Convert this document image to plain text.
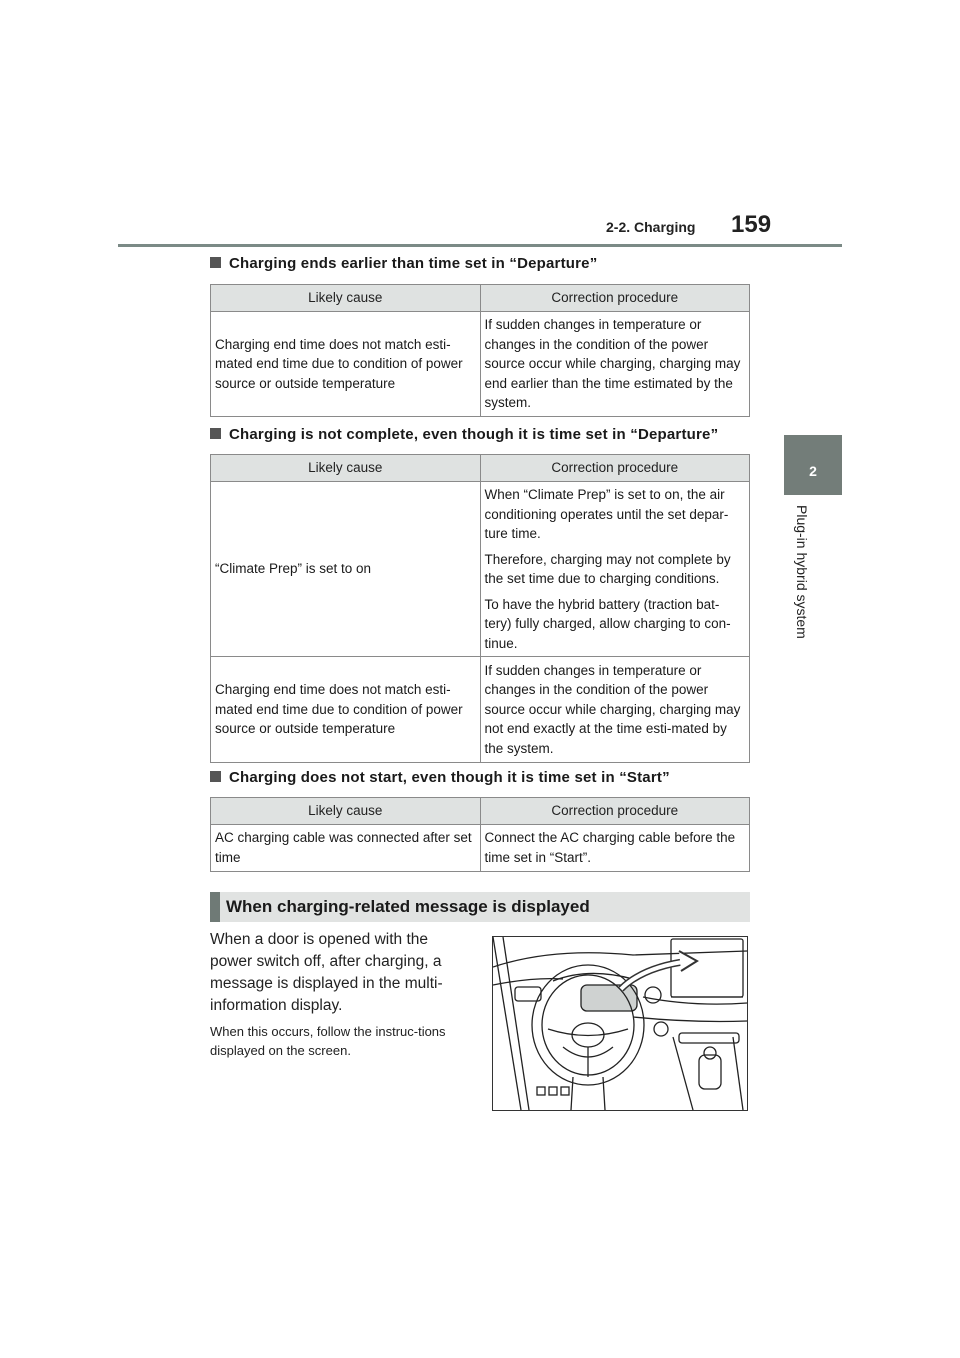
2-2. Charging 159
2
Plug-in hybrid system
Charging ends earlier than time set in “Departure”
Likely cause	Correction procedure
Charging end time does not match esti-mated end time due to condition of power source or outside temperature	If sudden changes in temperature or changes in the condition of the power source occur while charging, charging may end earlier than the time estimated by the system.

Charging is not complete, even though it is time set in “Departure”
Likely cause	Correction procedure
“Climate Prep” is set to on	When “Climate Prep” is set to on, the air conditioning operates until the set depar-ture time.

Therefore, charging may not complete by the set time due to charging conditions.

To have the hybrid battery (traction bat-tery) fully charged, allow charging to con-tinue.

Charging end time does not match esti-mated end time due to condition of power source or outside temperature	If sudden changes in temperature or changes in the condition of the power source occur while charging, charging may not end exactly at the time esti-mated by the system.

Charging does not start, even though it is time set in “Start”
Likely cause	Correction procedure
AC charging cable was connected after set time	Connect the AC charging cable before the time set in “Start”.

When charging-related message is displayed
When a door is opened with the power switch off, after charging, a message is displayed in the multi-information display.
When this occurs, follow the instruc-tions displayed on the screen.
